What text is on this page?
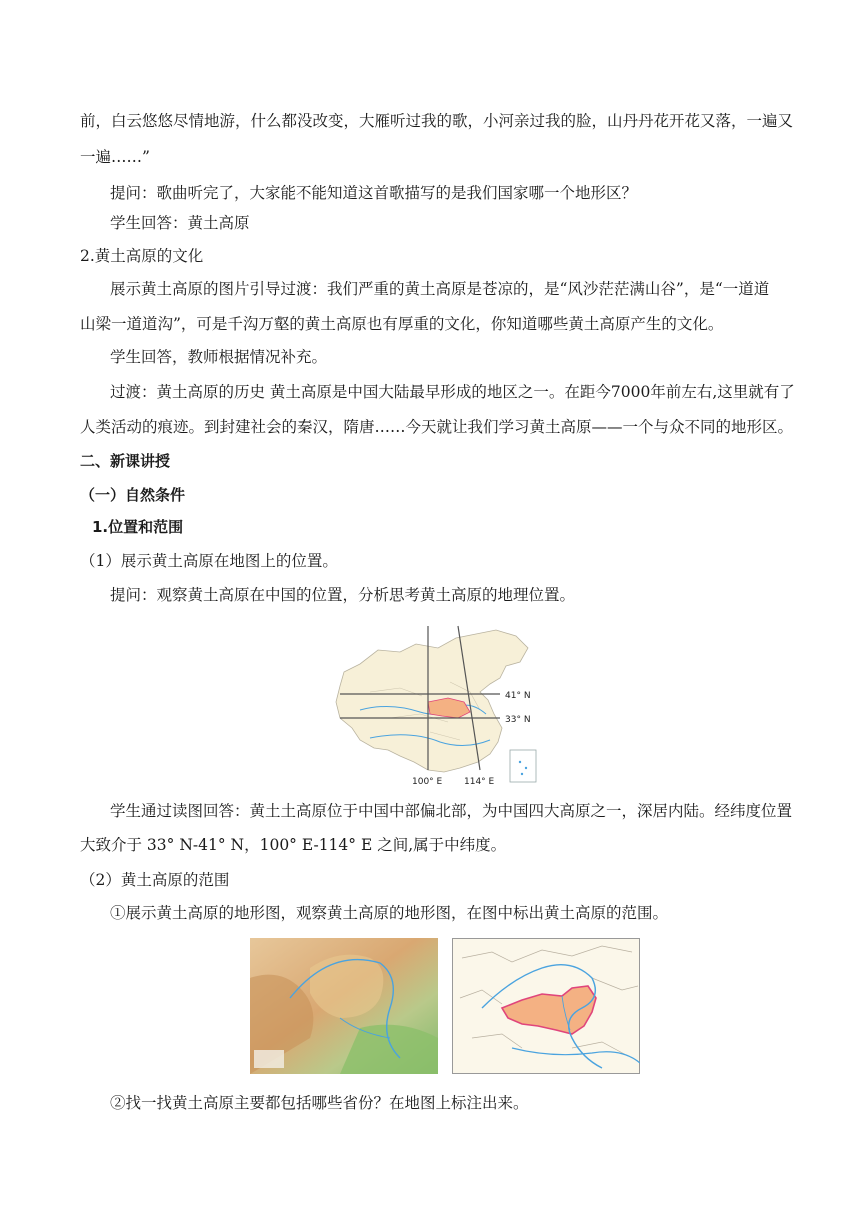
前，白云悠悠尽情地游，什么都没改变，大雁听过我的歌，小河亲过我的脸，山丹丹花开花又落，一遍又
一遍……”
提问：歌曲听完了，大家能不能知道这首歌描写的是我们国家哪一个地形区？
学生回答：黄土高原
2.黄土高原的文化
展示黄土高原的图片引导过渡：我们严重的黄土高原是苍凉的，是“风沙茫茫满山谷”，是“一道道
山梁一道道沟”，可是千沟万壑的黄土高原也有厚重的文化，你知道哪些黄土高原产生的文化。
学生回答，教师根据情况补充。
过渡：黄土高原的历史 黄土高原是中国大陆最早形成的地区之一。在距今7000年前左右,这里就有了
人类活动的痕迹。到封建社会的秦汉，隋唐……今天就让我们学习黄土高原——一个与众不同的地形区。
二、新课讲授
（一）自然条件
1.位置和范围
（1）展示黄土高原在地图上的位置。
提问：观察黄土高原在中国的位置，分析思考黄土高原的地理位置。
41° N
33° N
100° E 114° E
学生通过读图回答：黄土土高原位于中国中部偏北部，为中国四大高原之一，深居内陆。经纬度位置
大致介于 33° N-41° N，100° E-114° E 之间,属于中纬度。
（2）黄土高原的范围
①展示黄土高原的地形图，观察黄土高原的地形图，在图中标出黄土高原的范围。
②找一找黄土高原主要都包括哪些省份？在地图上标注出来。
